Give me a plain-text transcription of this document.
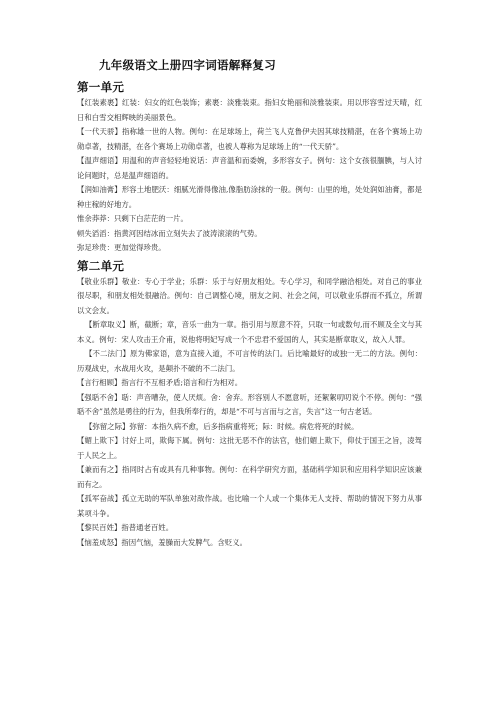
九年级语文上册四字词语解释复习
第一单元

【红装素裹】红装：妇女的红色装饰；素裹：淡雅装束。指妇女艳丽和淡雅装束。用以形容雪过天晴，红日和白雪交相辉映的美丽景色。

【一代天骄】指称雄一世的人物。例句：在足球场上，荷兰飞人克鲁伊夫因其球技精湛，在各个赛场上功勋卓著，技精湛，在各个赛场上功勋卓著，也被人尊称为足球场上的“一代天骄”。

【温声细语】用温和的声音轻轻地说话：声音温和而委婉，多形容女子。例句：这个女孩很腼腆，与人讨论问题时，总是温声细语的。

【润如油膏】形容土地肥沃：细腻光滑得像油,像脂肪涂抹的一般。例句：山里的地，处处润如油膏，都是种庄稼的好地方。

惟余莽莽：只剩下白茫茫的一片。

顿失滔滔：指黄河因结冰而立刻失去了波涛滚滚的气势。

弥足珍贵：更加觉得珍贵。

第二单元

【敬业乐群】敬业：专心于学业；乐群：乐于与好朋友相处。专心学习，和同学融洽相处。对自己的事业很尽职，和朋友相处很融洽。例句：自己调整心境，朋友之间、社会之间，可以敬业乐群而不孤立，所谓以文会友。

【断章取义】断，截断；章，音乐一曲为一章。指引用与原意不符，只取一句或数句,而不顾及全文与其本义。例句：宋人攻击王介甫，说他将明妃写成一个不忠君不爱国的人，其实是断章取义，故入人罪。

【不二法门】原为佛家语，意为直接入道，不可言传的法门。后比喻最好的或独一无二的方法。例句：历观战史，水战用火攻，是颠扑不破的不二法门。

【言行相顾】指言行不互相矛盾;语言和行为相对。

【强聒不舍】聒：声音嘈杂，使人厌烦。舍：舍弃。形容别人不愿意听，还絮絮叨叨说个不停。例句：“强聒不舍”虽然是勇往的行为，但我所奉行的，却是“不可与言而与之言，失言”这一句古老话。

【弥留之际】弥留：本指久病不愈，后多指病重将死；际：时候。病危将死的时候。

【媚上欺下】讨好上司，欺侮下属。例句：这批无恶不作的法官，他们媚上欺下，仰仗于国王之旨，凌驾于人民之上。

【兼而有之】指同时占有或具有几种事物。例句：在科学研究方面，基础科学知识和应用科学知识应该兼而有之。

【孤军奋战】孤立无助的军队单独对敌作战。也比喻一个人或一个集体无人支持、帮助的情况下努力从事某项斗争。

【黎民百姓】指普通老百姓。

【恼羞成怒】指因气恼，羞臊而大发脾气。含贬义。
